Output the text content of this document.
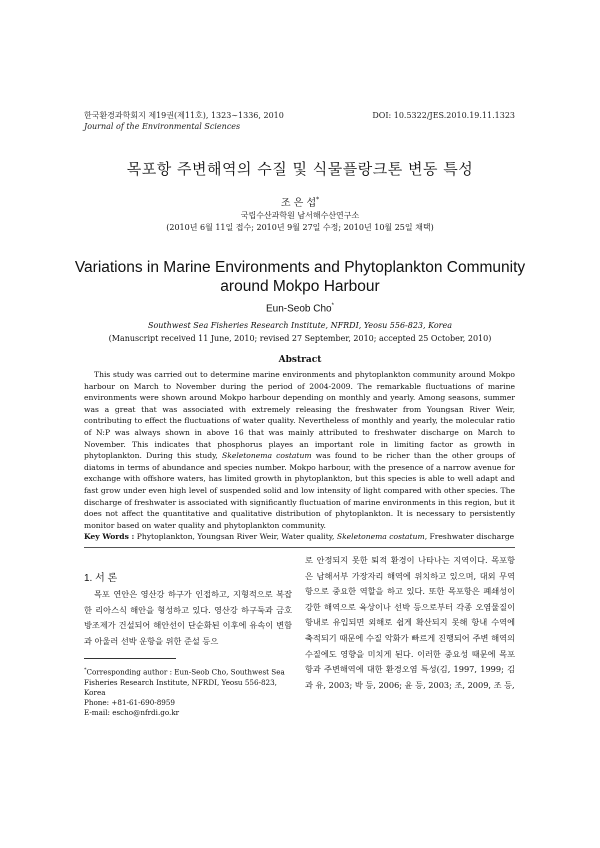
한국환경과학회지 제19권(제11호), 1323∼1336, 2010
Journal of the Environmental Sciences
DOI: 10.5322/JES.2010.19.11.1323
목포항 주변해역의 수질 및 식물플랑크톤 변동 특성
조 은 섭*
국립수산과학원 남서해수산연구소
(2010년 6월 11일 접수; 2010년 9월 27일 수정; 2010년 10월 25일 채택)
Variations in Marine Environments and Phytoplankton Community around Mokpo Harbour
Eun-Seob Cho*
Southwest Sea Fisheries Research Institute, NFRDI, Yeosu 556-823, Korea
(Manuscript received 11 June, 2010; revised 27 September, 2010; accepted 25 October, 2010)
Abstract
This study was carried out to determine marine environments and phytoplankton community around Mokpo harbour on March to November during the period of 2004-2009. The remarkable fluctuations of marine environments were shown around Mokpo harbour depending on monthly and yearly. Among seasons, summer was a great that was associated with extremely releasing the freshwater from Youngsan River Weir, contributing to effect the fluctuations of water quality. Nevertheless of monthly and yearly, the molecular ratio of N:P was always shown in above 16 that was mainly attributed to freshwater discharge on March to November. This indicates that phosphorus playes an important role in limiting factor as growth in phytoplankton. During this study, Skeletonema costatum was found to be richer than the other groups of diatoms in terms of abundance and species number. Mokpo harbour, with the presence of a narrow avenue for exchange with offshore waters, has limited growth in phytoplankton, but this species is able to well adapt and fast grow under even high level of suspended solid and low intensity of light compared with other species. The discharge of freshwater is associated with significantly fluctuation of marine environments in this region, but it does not affect the quantitative and qualitative distribution of phytoplankton. It is necessary to persistently monitor based on water quality and phytoplankton community.
Key Words : Phytoplankton, Youngsan River Weir, Water quality, Skeletonema costatum, Freshwater discharge
1. 서 론
목포 연안은 영산강 하구가 인접하고, 지형적으로 복잡한 리아스식 해안을 형성하고 있다. 영산강 하구둑과 금호방조제가 건설되어 해안선이 단순화된 이후에 유속이 변함과 아울러 선박 운항을 위한 준설 등으
로 안정되지 못한 퇴적 환경이 나타나는 지역이다. 목포항은 남해서부 가장자리 해역에 위치하고 있으며, 대외 무역항으로 중요한 역할을 하고 있다. 또한 목포항은 폐쇄성이 강한 해역으로 육상이나 선박 등으로부터 각종 오염물질이 항내로 유입되면 외해로 쉽게 확산되지 못해 항내 수역에 축적되기 때문에 수질 악화가 빠르게 진행되어 주변 해역의 수질에도 영향을 미치게 된다. 이러한 중요성 때문에 목포항과 주변해역에 대한 환경오염 특성(김, 1997, 1999; 김과 유, 2003; 박 등, 2006; 윤 등, 2003; 조, 2009, 조 등,
*Corresponding author : Eun-Seob Cho, Southwest Sea Fisheries Research Institute, NFRDI, Yeosu 556-823, Korea
Phone: +81-61-690-8959
E-mail: escho@nfrdi.go.kr
